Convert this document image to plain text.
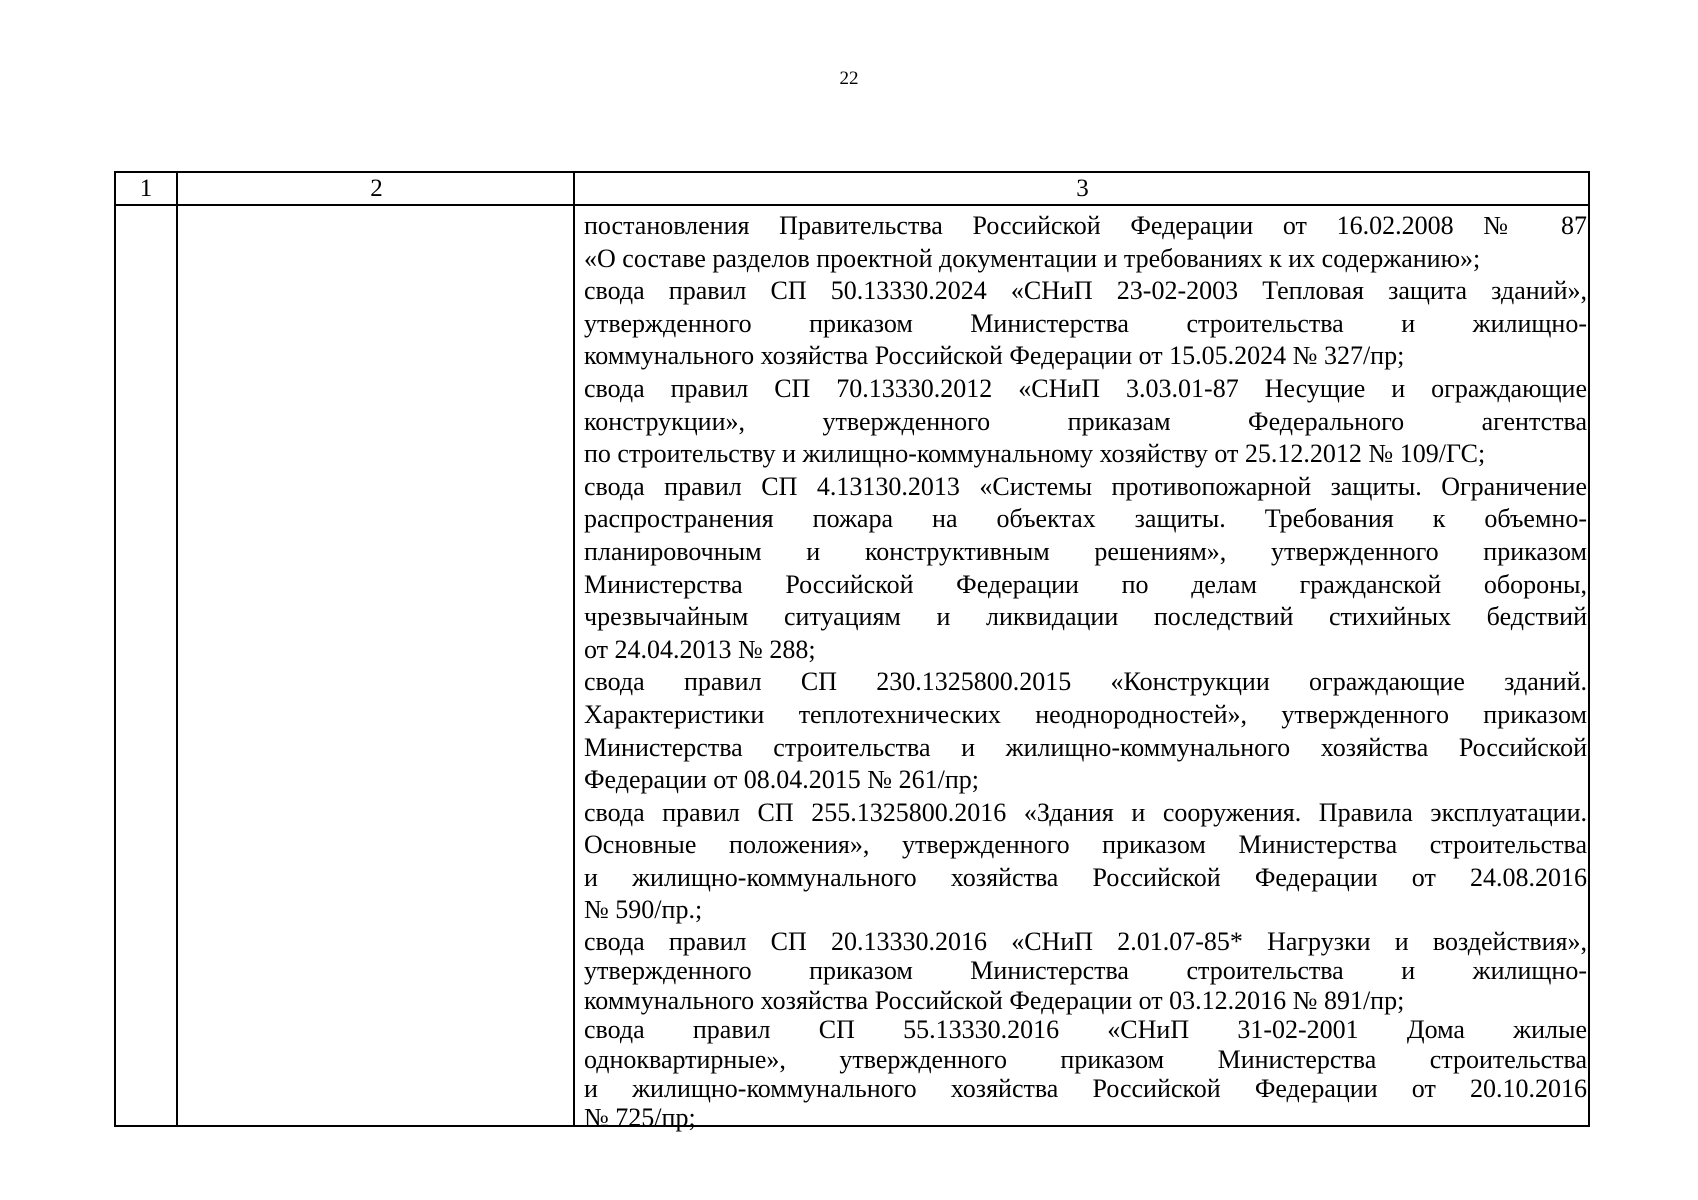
22
1	2	3
постановления Правительства Российской Федерации от 16.02.2008 № 87
«О составе разделов проектной документации и требованиях к их содержанию»;
свода правил СП 50.13330.2024 «СНиП 23-02-2003 Тепловая защита зданий»,
утвержденного приказом Министерства строительства и жилищно-
коммунального хозяйства Российской Федерации от 15.05.2024 № 327/пр;
свода правил СП 70.13330.2012 «СНиП 3.03.01-87 Несущие и ограждающие
конструкции», утвержденного приказам Федерального агентства
по строительству и жилищно-коммунальному хозяйству от 25.12.2012 № 109/ГС;
свода правил СП 4.13130.2013 «Системы противопожарной защиты. Ограничение
распространения пожара на объектах защиты. Требования к объемно-
планировочным и конструктивным решениям», утвержденного приказом
Министерства Российской Федерации по делам гражданской обороны,
чрезвычайным ситуациям и ликвидации последствий стихийных бедствий
от 24.04.2013 № 288;
свода правил СП 230.1325800.2015 «Конструкции ограждающие зданий.
Характеристики теплотехнических неоднородностей», утвержденного приказом
Министерства строительства и жилищно-коммунального хозяйства Российской
Федерации от 08.04.2015 № 261/пр;
свода правил СП 255.1325800.2016 «Здания и сооружения. Правила эксплуатации.
Основные положения», утвержденного приказом Министерства строительства
и жилищно-коммунального хозяйства Российской Федерации от 24.08.2016
№ 590/пр.;
свода правил СП 20.13330.2016 «СНиП 2.01.07-85* Нагрузки и воздействия»,
утвержденного приказом Министерства строительства и жилищно-
коммунального хозяйства Российской Федерации от 03.12.2016 № 891/пр;
свода правил СП 55.13330.2016 «СНиП 31-02-2001 Дома жилые
одноквартирные», утвержденного приказом Министерства строительства
и жилищно-коммунального хозяйства Российской Федерации от 20.10.2016
№ 725/пр;
